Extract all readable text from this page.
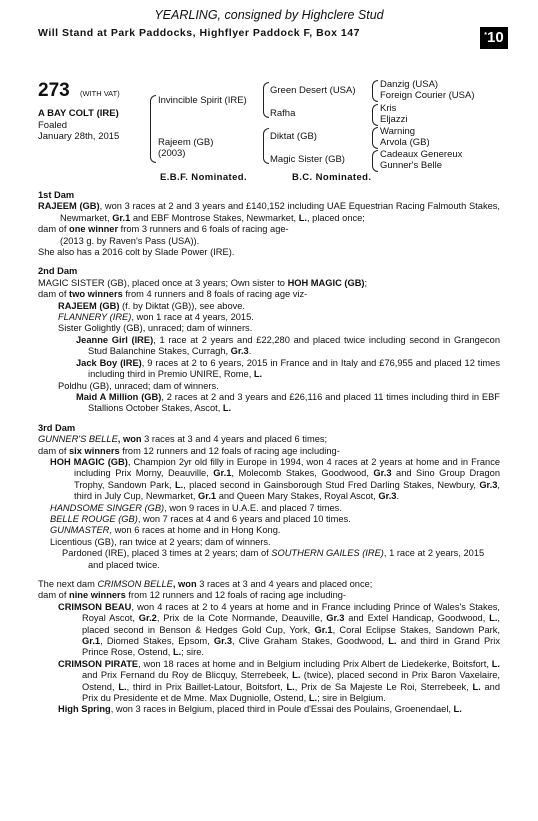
YEARLING, consigned by Highclere Stud
Will Stand at Park Paddocks, Highflyer Paddock F, Box 147	*10
273 (WITH VAT)
A BAY COLT (IRE)
Foaled
January 28th, 2015
Invincible Spirit (IRE)
Rajeem (GB)
(2003)
Green Desert (USA)
Rafha
Diktat (GB)
Magic Sister (GB)
Danzig (USA)
Foreign Courier (USA)
Kris
Eljazzi
Warning
Arvola (GB)
Cadeaux Genereux
Gunner's Belle
E.B.F. Nominated.	B.C. Nominated.

1st Dam

RAJEEM (GB), won 3 races at 2 and 3 years and £140,152 including UAE Equestrian Racing Falmouth Stakes, Newmarket, Gr.1 and EBF Montrose Stakes, Newmarket, L., placed once;

dam of one winner from 3 runners and 6 foals of racing age-

(2013 g. by Raven's Pass (USA)).

She also has a 2016 colt by Slade Power (IRE).

2nd Dam

MAGIC SISTER (GB), placed once at 3 years; Own sister to HOH MAGIC (GB);

dam of two winners from 4 runners and 8 foals of racing age viz-

RAJEEM (GB) (f. by Diktat (GB)), see above.

FLANNERY (IRE), won 1 race at 4 years, 2015.

Sister Golightly (GB), unraced; dam of winners.

Jeanne Girl (IRE), 1 race at 2 years and £22,280 and placed twice including second in Grangecon Stud Balanchine Stakes, Curragh, Gr.3.

Jack Boy (IRE), 9 races at 2 to 6 years, 2015 in France and in Italy and £76,955 and placed 12 times including third in Premio UNIRE, Rome, L.

Poldhu (GB), unraced; dam of winners.

Maid A Million (GB), 2 races at 2 and 3 years and £26,116 and placed 11 times including third in EBF Stallions October Stakes, Ascot, L.

3rd Dam

GUNNER'S BELLE, won 3 races at 3 and 4 years and placed 6 times;

dam of six winners from 12 runners and 12 foals of racing age including-

HOH MAGIC (GB), Champion 2yr old filly in Europe in 1994, won 4 races at 2 years at home and in France including Prix Morny, Deauville, Gr.1, Molecomb Stakes, Goodwood, Gr.3 and Sino Group Dragon Trophy, Sandown Park, L., placed second in Gainsborough Stud Fred Darling Stakes, Newbury, Gr.3, third in July Cup, Newmarket, Gr.1 and Queen Mary Stakes, Royal Ascot, Gr.3.

HANDSOME SINGER (GB), won 9 races in U.A.E. and placed 7 times.

BELLE ROUGE (GB), won 7 races at 4 and 6 years and placed 10 times.

GUNMASTER, won 6 races at home and in Hong Kong.

Licentious (GB), ran twice at 2 years; dam of winners.

Pardoned (IRE), placed 3 times at 2 years; dam of SOUTHERN GAILES (IRE), 1 race at 2 years, 2015 and placed twice.

The next dam CRIMSON BELLE, won 3 races at 3 and 4 years and placed once;

dam of nine winners from 12 runners and 12 foals of racing age including-

CRIMSON BEAU, won 4 races at 2 to 4 years at home and in France including Prince of Wales's Stakes, Royal Ascot, Gr.2, Prix de la Cote Normande, Deauville, Gr.3 and Extel Handicap, Goodwood, L., placed second in Benson & Hedges Gold Cup, York, Gr.1, Coral Eclipse Stakes, Sandown Park, Gr.1, Diomed Stakes, Epsom, Gr.3, Clive Graham Stakes, Goodwood, L. and third in Grand Prix Prince Rose, Ostend, L.; sire.

CRIMSON PIRATE, won 18 races at home and in Belgium including Prix Albert de Liedekerke, Boitsfort, L. and Prix Fernand du Roy de Blicquy, Sterrebeek, L. (twice), placed second in Prix Baron Vaxelaire, Ostend, L., third in Prix Baillet-Latour, Boitsfort, L., Prix de Sa Majeste Le Roi, Sterrebeek, L. and Prix du Presidente et de Mme. Max Dugniolle, Ostend, L.; sire in Belgium.

High Spring, won 3 races in Belgium, placed third in Poule d'Essai des Poulains, Groenendael, L.
